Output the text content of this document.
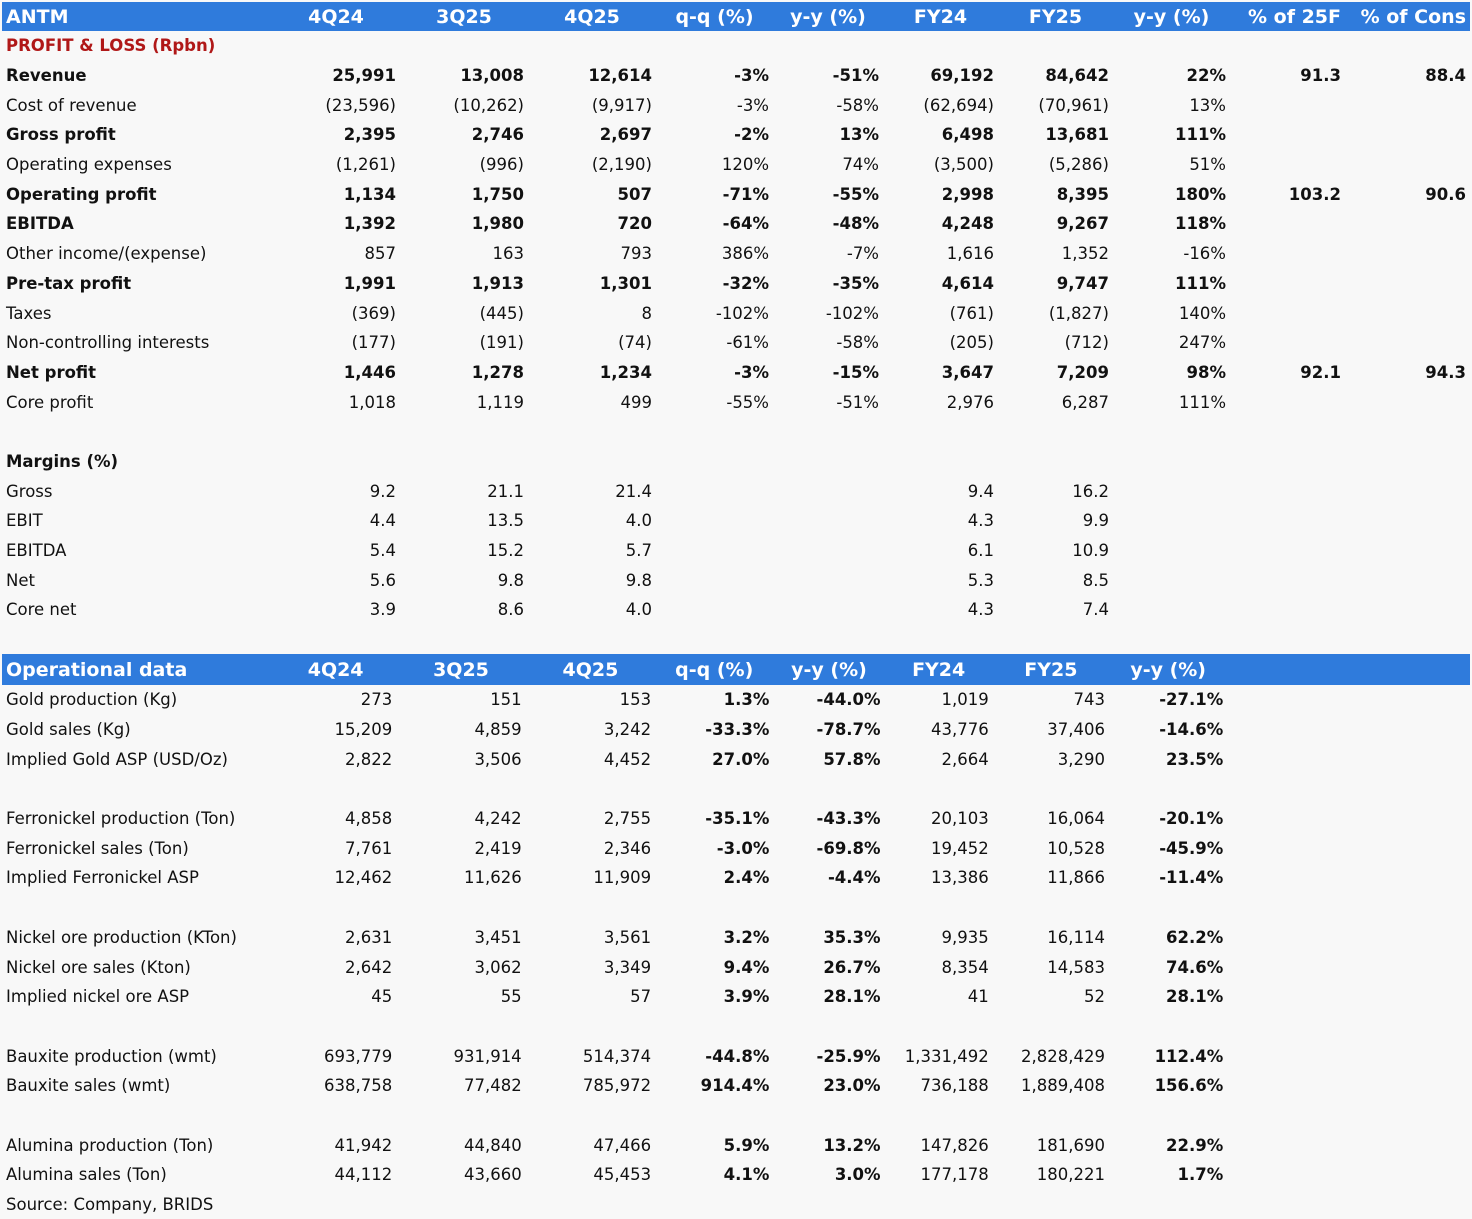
ANTM	4Q24	3Q25	4Q25	q-q (%)	y-y (%)	FY24	FY25	y-y (%)	% of 25F	% of Cons
PROFIT & LOSS (Rpbn)										
Revenue	25,991	13,008	12,614	-3%	-51%	69,192	84,642	22%	91.3	88.4
Cost of revenue	(23,596)	(10,262)	(9,917)	-3%	-58%	(62,694)	(70,961)	13%		
Gross profit	2,395	2,746	2,697	-2%	13%	6,498	13,681	111%		
Operating expenses	(1,261)	(996)	(2,190)	120%	74%	(3,500)	(5,286)	51%		
Operating profit	1,134	1,750	507	-71%	-55%	2,998	8,395	180%	103.2	90.6
EBITDA	1,392	1,980	720	-64%	-48%	4,248	9,267	118%		
Other income/(expense)	857	163	793	386%	-7%	1,616	1,352	-16%		
Pre-tax profit	1,991	1,913	1,301	-32%	-35%	4,614	9,747	111%		
Taxes	(369)	(445)	8	-102%	-102%	(761)	(1,827)	140%		
Non-controlling interests	(177)	(191)	(74)	-61%	-58%	(205)	(712)	247%		
Net profit	1,446	1,278	1,234	-3%	-15%	3,647	7,209	98%	92.1	94.3
Core profit	1,018	1,119	499	-55%	-51%	2,976	6,287	111%		

Margins (%)										
Gross	9.2	21.1	21.4			9.4	16.2			
EBIT	4.4	13.5	4.0			4.3	9.9			
EBITDA	5.4	15.2	5.7			6.1	10.9			
Net	5.6	9.8	9.8			5.3	8.5			
Core net	3.9	8.6	4.0			4.3	7.4			
Operational data	4Q24	3Q25	4Q25	q-q (%)	y-y (%)	FY24	FY25	y-y (%)	
Gold production (Kg)	273	151	153	1.3%	-44.0%	1,019	743	-27.1%	
Gold sales (Kg)	15,209	4,859	3,242	-33.3%	-78.7%	43,776	37,406	-14.6%	
Implied Gold ASP (USD/Oz)	2,822	3,506	4,452	27.0%	57.8%	2,664	3,290	23.5%	

Ferronickel production (Ton)	4,858	4,242	2,755	-35.1%	-43.3%	20,103	16,064	-20.1%	
Ferronickel sales (Ton)	7,761	2,419	2,346	-3.0%	-69.8%	19,452	10,528	-45.9%	
Implied Ferronickel ASP	12,462	11,626	11,909	2.4%	-4.4%	13,386	11,866	-11.4%	

Nickel ore production (KTon)	2,631	3,451	3,561	3.2%	35.3%	9,935	16,114	62.2%	
Nickel ore sales (Kton)	2,642	3,062	3,349	9.4%	26.7%	8,354	14,583	74.6%	
Implied nickel ore ASP	45	55	57	3.9%	28.1%	41	52	28.1%	

Bauxite production (wmt)	693,779	931,914	514,374	-44.8%	-25.9%	1,331,492	2,828,429	112.4%	
Bauxite sales (wmt)	638,758	77,482	785,972	914.4%	23.0%	736,188	1,889,408	156.6%	

Alumina production (Ton)	41,942	44,840	47,466	5.9%	13.2%	147,826	181,690	22.9%	
Alumina sales (Ton)	44,112	43,660	45,453	4.1%	3.0%	177,178	180,221	1.7%	
Source: Company, BRIDS									
